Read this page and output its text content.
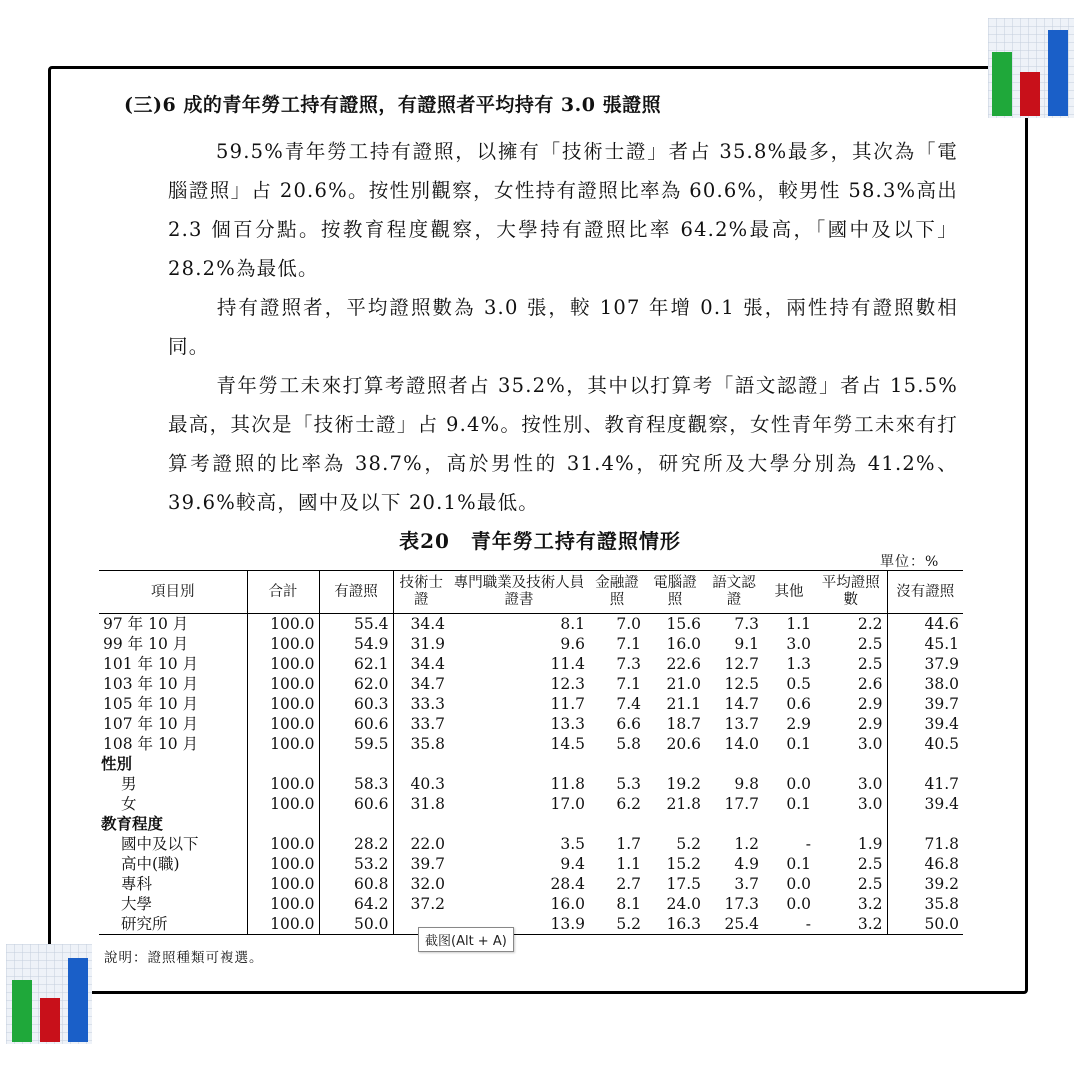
(三)6 成的青年勞工持有證照，有證照者平均持有 3.0 張證照
59.5%青年勞工持有證照，以擁有「技術士證」者占 35.8%最多，其次為「電腦證照」占 20.6%。按性別觀察，女性持有證照比率為 60.6%，較男性 58.3%高出 2.3 個百分點。按教育程度觀察，大學持有證照比率 64.2%最高，「國中及以下」28.2%為最低。
持有證照者，平均證照數為 3.0 張，較 107 年增 0.1 張，兩性持有證照數相同。
青年勞工未來打算考證照者占 35.2%，其中以打算考「語文認證」者占 15.5%最高，其次是「技術士證」占 9.4%。按性別、教育程度觀察，女性青年勞工未來有打算考證照的比率為 38.7%，高於男性的 31.4%，研究所及大學分別為 41.2%、39.6%較高，國中及以下 20.1%最低。
表20　青年勞工持有證照情形
單位：%
項目別	合計	有證照	技術士證	專門職業及技術人員證書	金融證照	電腦證照	語文認證	其他	平均證照數	沒有證照
97 年 10 月	100.0	55.4	34.4	8.1	7.0	15.6	7.3	1.1	2.2	44.6
99 年 10 月	100.0	54.9	31.9	9.6	7.1	16.0	9.1	3.0	2.5	45.1
101 年 10 月	100.0	62.1	34.4	11.4	7.3	22.6	12.7	1.3	2.5	37.9
103 年 10 月	100.0	62.0	34.7	12.3	7.1	21.0	12.5	0.5	2.6	38.0
105 年 10 月	100.0	60.3	33.3	11.7	7.4	21.1	14.7	0.6	2.9	39.7
107 年 10 月	100.0	60.6	33.7	13.3	6.6	18.7	13.7	2.9	2.9	39.4
108 年 10 月	100.0	59.5	35.8	14.5	5.8	20.6	14.0	0.1	3.0	40.5
性別										
男	100.0	58.3	40.3	11.8	5.3	19.2	9.8	0.0	3.0	41.7
女	100.0	60.6	31.8	17.0	6.2	21.8	17.7	0.1	3.0	39.4
教育程度										
國中及以下	100.0	28.2	22.0	3.5	1.7	5.2	1.2	-	1.9	71.8
高中(職)	100.0	53.2	39.7	9.4	1.1	15.2	4.9	0.1	2.5	46.8
專科	100.0	60.8	32.0	28.4	2.7	17.5	3.7	0.0	2.5	39.2
大學	100.0	64.2	37.2	16.0	8.1	24.0	17.3	0.0	3.2	35.8
研究所	100.0	50.0		13.9	5.2	16.3	25.4	-	3.2	50.0
說明：證照種類可複選。
截图(Alt + A)
